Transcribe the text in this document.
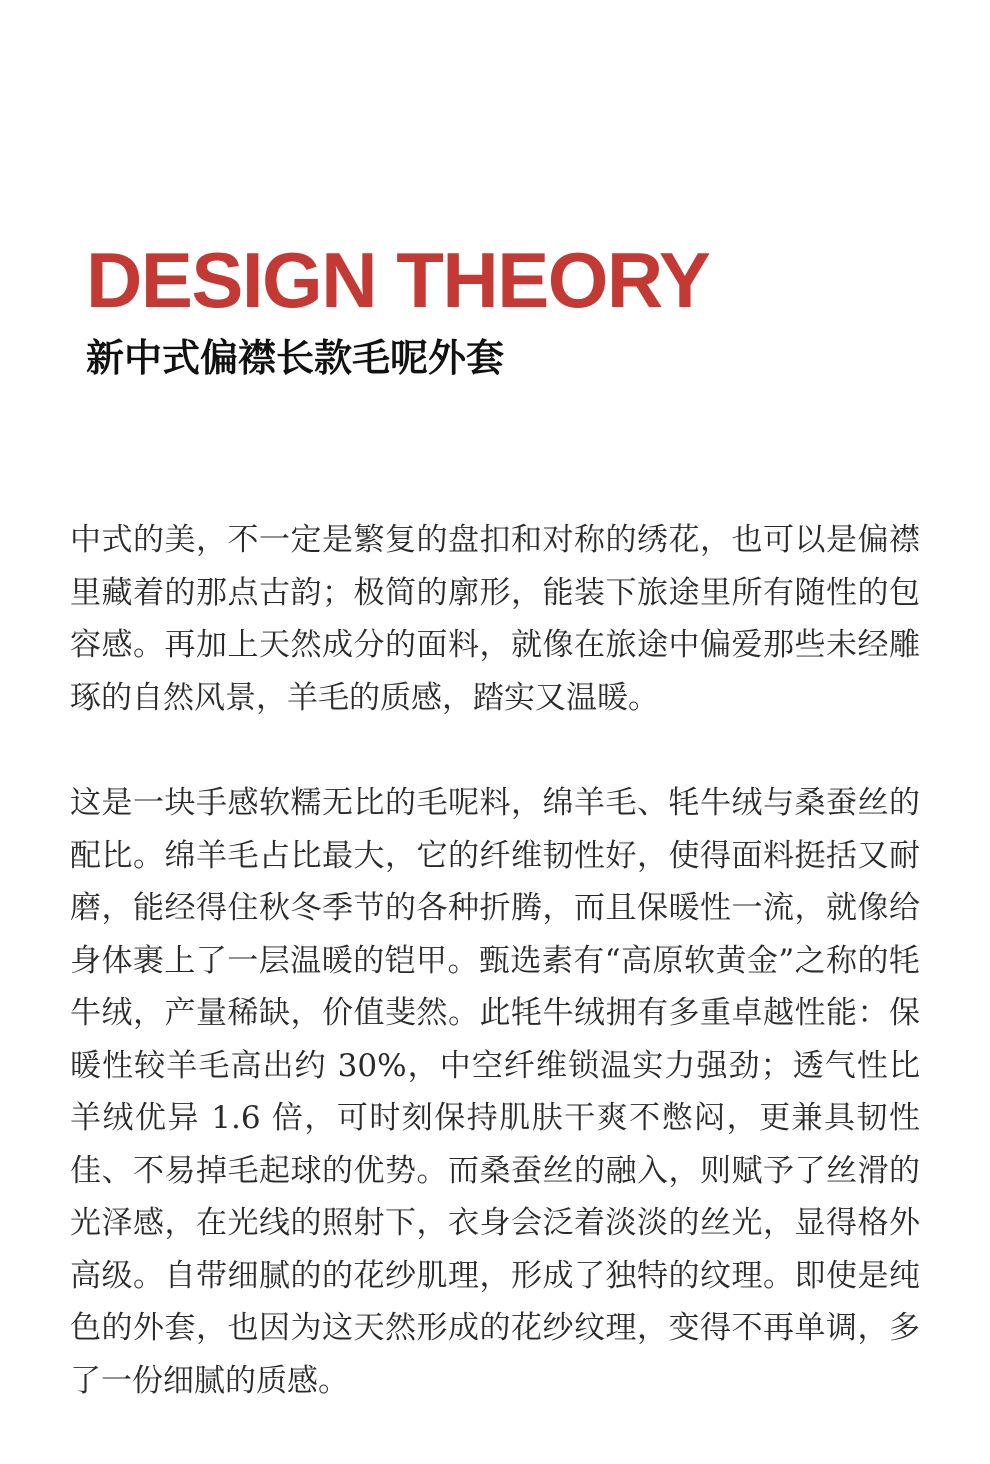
DESIGN THEORY
新中式偏襟长款毛呢外套

中式的美，不一定是繁复的盘扣和对称的绣花，也可以是偏襟里藏着的那点古韵；极简的廓形，能装下旅途里所有随性的包容感。再加上天然成分的面料，就像在旅途中偏爱那些未经雕琢的自然风景，羊毛的质感，踏实又温暖。

这是一块手感软糯无比的毛呢料，绵羊毛、牦牛绒与桑蚕丝的配比。绵羊毛占比最大，它的纤维韧性好，使得面料挺括又耐磨，能经得住秋冬季节的各种折腾，而且保暖性一流，就像给身体裹上了一层温暖的铠甲。甄选素有“高原软黄金”之称的牦牛绒，产量稀缺，价值斐然。此牦牛绒拥有多重卓越性能：保暖性较羊毛高出约 30%，中空纤维锁温实力强劲；透气性比羊绒优异 1.6 倍，可时刻保持肌肤干爽不憋闷，更兼具韧性佳、不易掉毛起球的优势。而桑蚕丝的融入，则赋予了丝滑的光泽感，在光线的照射下，衣身会泛着淡淡的丝光，显得格外高级。自带细腻的的花纱肌理，形成了独特的纹理。即使是纯色的外套，也因为这天然形成的花纱纹理，变得不再单调，多了一份细腻的质感。
